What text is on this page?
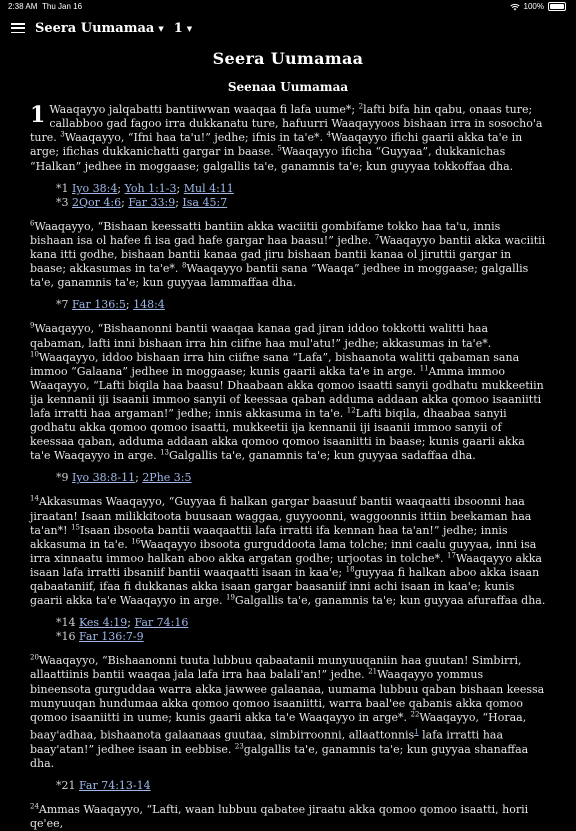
2:38 AM Thu Jan 16	100%
Seera Uumamaa ▼ 1 ▼
Seera Uumamaa
Seenaa Uumamaa

1 Waaqayyo jalqabatti bantiiwwan waaqaa fi lafa uume*; $^2$lafti bifa hin qabu, onaas ture; callabboo gad fagoo irra dukkanatu ture, hafuurri Waaqayyoos bishaan irra in sosocho'a ture. $^3$Waaqayyo, “Ifni haa ta'u!” jedhe; ifnis in ta'e*. $^4$Waaqayyo ifichi gaarii akka ta'e in arge; ifichas dukkanichatti gargar in baase. $^5$Waaqayyo ificha “Guyyaa”, dukkanichas “Halkan” jedhee in moggaase; galgallis ta'e, ganamnis ta'e; kun guyyaa tokkoffaa dha.

*1 Iyo 38:4; Yoh 1:1-3; Mul 4:11
*3 2Qor 4:6; Far 33:9; Isa 45:7

$^6$Waaqayyo, “Bishaan keessatti bantiin akka waciitii gombifame tokko haa ta'u, innis bishaan isa ol hafee fi isa gad hafe gargar haa baasu!” jedhe. $^7$Waaqayyo bantii akka waciitii kana itti godhe, bishaan bantii kanaa gad jiru bishaan bantii kanaa ol jiruttii gargar in baase; akkasumas in ta'e*. $^8$Waaqayyo bantii sana “Waaqa” jedhee in moggaase; galgallis ta'e, ganamnis ta'e; kun guyyaa lammaffaa dha.

*7 Far 136:5; 148:4

$^9$Waaqayyo, “Bishaanonni bantii waaqaa kanaa gad jiran iddoo tokkotti walitti haa qabaman, lafti inni bishaan irra hin ciifne haa mul'atu!” jedhe; akkasumas in ta'e*. $^{10}$Waaqayyo, iddoo bishaan irra hin ciifne sana “Lafa”, bishaanota walitti qabaman sana immoo “Galaana” jedhee in moggaase; kunis gaarii akka ta'e in arge. $^{11}$Amma immoo Waaqayyo, “Lafti biqila haa baasu! Dhaabaan akka qomoo isaatti sanyii godhatu mukkeetiin ija kennanii iji isaanii immoo sanyii of keessaa qaban adduma addaan akka qomoo isaaniitti lafa irratti haa argaman!” jedhe; innis akkasuma in ta'e. $^{12}$Lafti biqila, dhaabaa sanyii godhatu akka qomoo qomoo isaatti, mukkeetii ija kennanii iji isaanii immoo sanyii of keessaa qaban, adduma addaan akka qomoo qomoo isaaniitti in baase; kunis gaarii akka ta'e Waaqayyo in arge. $^{13}$Galgallis ta'e, ganamnis ta'e; kun guyyaa sadaffaa dha.

*9 Iyo 38:8-11; 2Phe 3:5

$^{14}$Akkasumas Waaqayyo, “Guyyaa fi halkan gargar baasuuf bantii waaqaatti ibsoonni haa jiraatan! Isaan milikkitoota buusaan waggaa, guyyoonni, waggoonnis ittiin beekaman haa ta'an*! $^{15}$Isaan ibsoota bantii waaqaattii lafa irratti ifa kennan haa ta'an!” jedhe; innis akkasuma in ta'e. $^{16}$Waaqayyo ibsoota gurguddoota lama tolche; inni caalu guyyaa, inni isa irra xinnaatu immoo halkan aboo akka argatan godhe; urjootas in tolche*. $^{17}$Waaqayyo akka isaan lafa irratti ibsaniif bantii waaqaatti isaan in kaa'e; $^{18}$guyyaa fi halkan aboo akka isaan qabaataniif, ifaa fi dukkanas akka isaan gargar baasaniif inni achi isaan in kaa'e; kunis gaarii akka ta'e Waaqayyo in arge. $^{19}$Galgallis ta'e, ganamnis ta'e; kun guyyaa afuraffaa dha.

*14 Kes 4:19; Far 74:16
*16 Far 136:7-9

$^{20}$Waaqayyo, “Bishaanonni tuuta lubbuu qabaatanii munyuuqaniin haa guutan! Simbirri, allaattiinis bantii waaqaa jala lafa irra haa balali'an!” jedhe. $^{21}$Waaqayyo yommus bineensota gurguddaa warra akka jawwee galaanaa, uumama lubbuu qaban bishaan keessa munyuuqan hundumaa akka qomoo qomoo isaaniitti, warra baal'ee qabanis akka qomoo qomoo isaaniitti in uume; kunis gaarii akka ta'e Waaqayyo in arge*. $^{22}$Waaqayyo, “Horaa, baay'adhaa, bishaanota galaanaas guutaa, simbirroonni, allaattonnis$^1$ lafa irratti haa baay'atan!” jedhee isaan in eebbise. $^{23}$galgallis ta'e, ganamnis ta'e; kun guyyaa shanaffaa dha.

*21 Far 74:13-14

$^{24}$Ammas Waaqayyo, “Lafti, waan lubbuu qabatee jiraatu akka qomoo qomoo isaatti, horii qe'ee,
